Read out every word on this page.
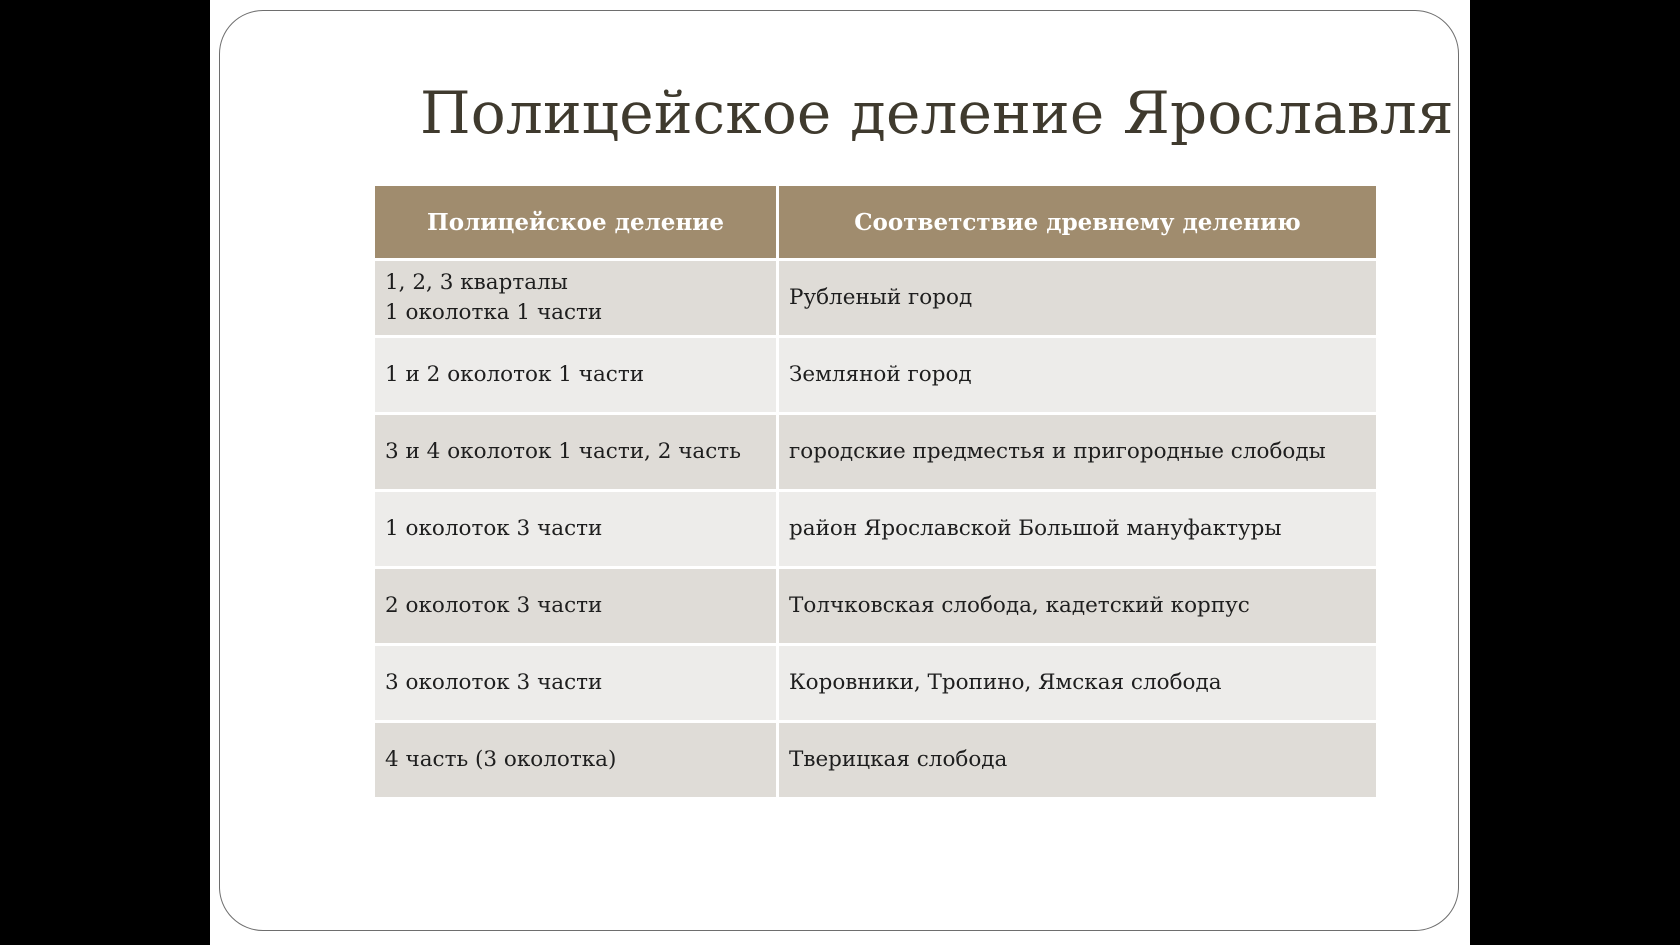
Полицейское деление Ярославля
Полицейское деление	Соответствие древнему делению

1, 2, 3 кварталы
1 околотка 1 части	Рубленый город
1 и 2 околоток 1 части	Земляной город
3 и 4 околоток 1 части, 2 часть	городские предместья и пригородные слободы
1 околоток 3 части	район Ярославской Большой мануфактуры
2 околоток 3 части	Толчковская слобода, кадетский корпус
3 околоток 3 части	Коровники, Тропино, Ямская слобода
4 часть (3 околотка)	Тверицкая слобода
